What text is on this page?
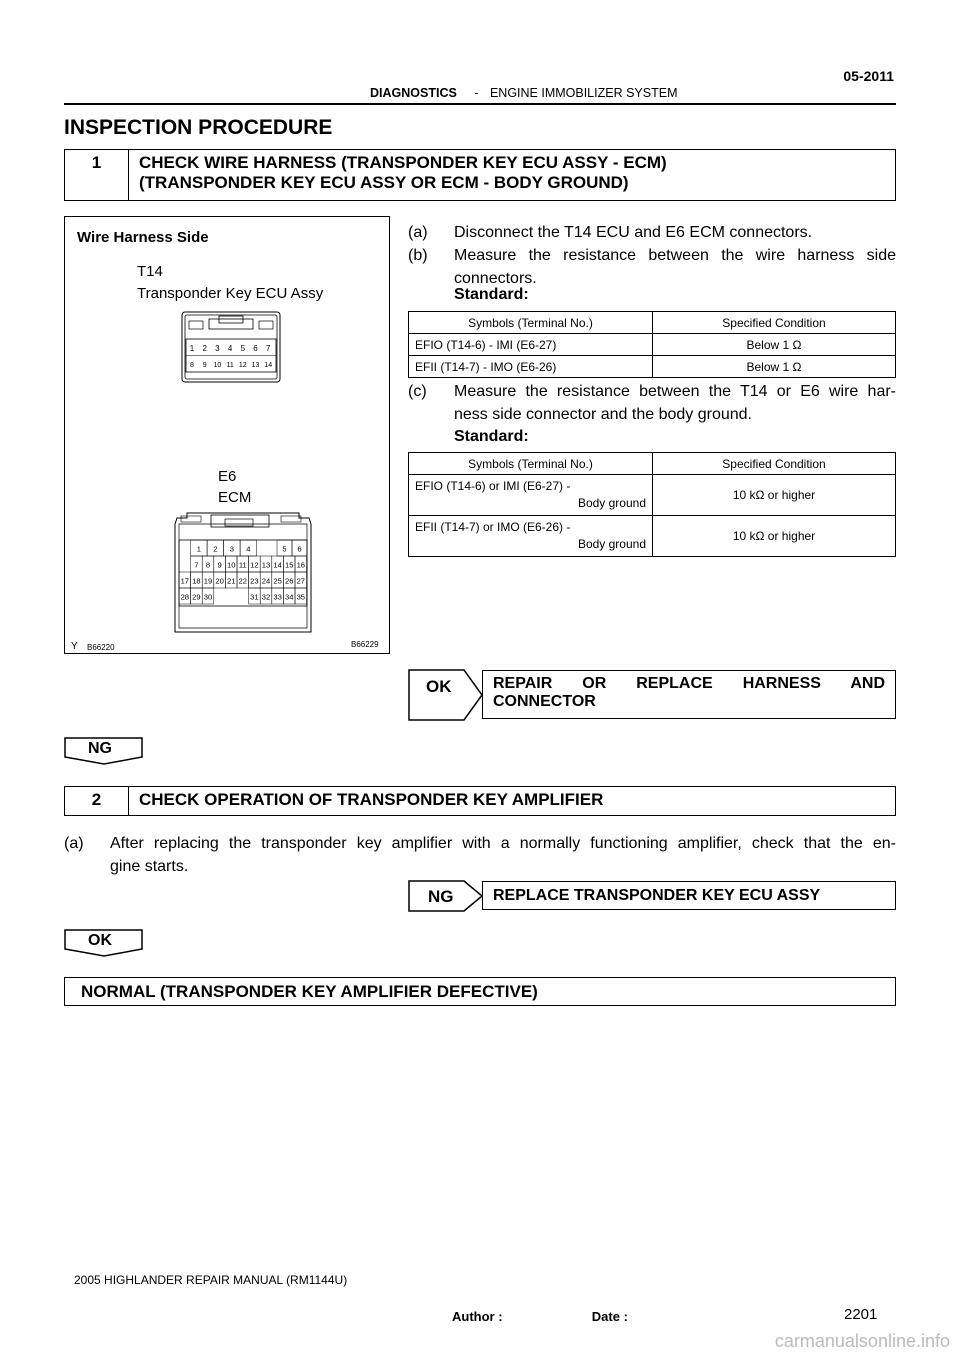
05-2011
DIAGNOSTICS - ENGINE IMMOBILIZER SYSTEM
INSPECTION PROCEDURE
1	CHECK WIRE HARNESS (TRANSPONDER KEY ECU ASSY - ECM)
(TRANSPONDER KEY ECU ASSY OR ECM - BODY GROUND)
Wire Harness Side
T14
Transponder Key ECU Assy
E6
ECM
Y B66220	B66229
1 2 3 4 5 6 7
8 9 10 11 12 13 14
1 2 3 4	5 6
7 8 9 10 11 12 13 14 15 16
17 18 19 20 21 22 23 24 25 26 27
28 29 30	31 32 33 34 35
(a) Disconnect the T14 ECU and E6 ECM connectors.
(b) Measure the resistance between the wire harness side
connectors.
Standard:
Symbols (Terminal No.)	Specified Condition
EFIO (T14-6) - IMI (E6-27)	Below 1 Ω
EFII (T14-7) - IMO (E6-26)	Below 1 Ω
(c) Measure the resistance between the T14 or E6 wire har-
ness side connector and the body ground.
Standard:
Symbols (Terminal No.)	Specified Condition

EFIO (T14-6) or IMI (E6-27) -
Body ground	10 kΩ or higher

EFII (T14-7) or IMO (E6-26) -
Body ground	10 kΩ or higher
OK	REPAIR OR REPLACE HARNESS AND
CONNECTOR
NG
2	CHECK OPERATION OF TRANSPONDER KEY AMPLIFIER
(a) After replacing the transponder key amplifier with a normally functioning amplifier, check that the en-
gine starts.
NG	REPLACE TRANSPONDER KEY ECU ASSY
OK
NORMAL (TRANSPONDER KEY AMPLIFIER DEFECTIVE)
2005 HIGHLANDER REPAIR MANUAL (RM1144U)
Author :	Date :	2201
carmanualsonline.info
